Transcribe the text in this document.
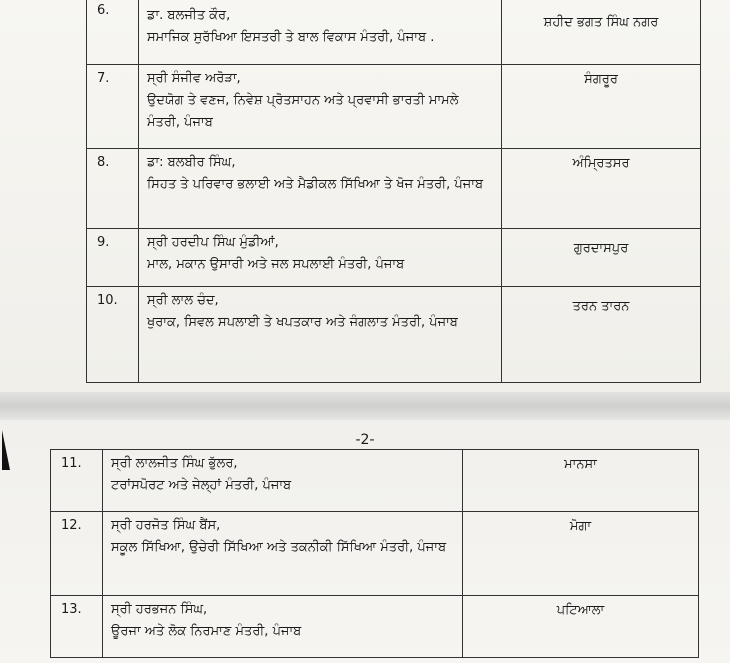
6.	ਡਾ. ਬਲਜੀਤ ਕੌਰ,
ਸਮਾਜਿਕ ਸੁਰੱਖਿਆ ਇਸਤਰੀ ਤੇ ਬਾਲ ਵਿਕਾਸ ਮੰਤਰੀ, ਪੰਜਾਬ .	ਸ਼ਹੀਦ ਭਗਤ ਸਿੰਘ ਨਗਰ
7.	ਸ੍ਰੀ ਸੰਜੀਵ ਅਰੋੜਾ,
ਉਦਯੋਗ ਤੇ ਵਣਜ, ਨਿਵੇਸ਼ ਪ੍ਰੋਤਸਾਹਨ ਅਤੇ ਪ੍ਰਵਾਸੀ ਭਾਰਤੀ ਮਾਮਲੇ ਮੰਤਰੀ, ਪੰਜਾਬ	ਸੰਗਰੂਰ
8.	ਡਾ: ਬਲਬੀਰ ਸਿੰਘ,
ਸਿਹਤ ਤੇ ਪਰਿਵਾਰ ਭਲਾਈ ਅਤੇ ਮੈਡੀਕਲ ਸਿੱਖਿਆ ਤੇ ਖੋਜ ਮੰਤਰੀ, ਪੰਜਾਬ	ਅੰਮ੍ਰਿਤਸਰ
9.	ਸ੍ਰੀ ਹਰਦੀਪ ਸਿੰਘ ਮੁੰਡੀਆਂ,
ਮਾਲ, ਮਕਾਨ ਉਸਾਰੀ ਅਤੇ ਜਲ ਸਪਲਾਈ ਮੰਤਰੀ, ਪੰਜਾਬ	ਗੁਰਦਾਸਪੁਰ
10.	ਸ੍ਰੀ ਲਾਲ ਚੰਦ,
ਖੁਰਾਕ, ਸਿਵਲ ਸਪਲਾਈ ਤੇ ਖਪਤਕਾਰ ਅਤੇ ਜੰਗਲਾਤ ਮੰਤਰੀ, ਪੰਜਾਬ	ਤਰਨ ਤਾਰਨ
-2-
11.	ਸ੍ਰੀ ਲਾਲਜੀਤ ਸਿੰਘ ਭੁੱਲਰ,
ਟਰਾਂਸਪੋਰਟ ਅਤੇ ਜੇਲ੍ਹਾਂ ਮੰਤਰੀ, ਪੰਜਾਬ	ਮਾਨਸਾ
12.	ਸ੍ਰੀ ਹਰਜੋਤ ਸਿੰਘ ਬੈਂਸ,
ਸਕੂਲ ਸਿੱਖਿਆ, ਉਚੇਰੀ ਸਿੱਖਿਆ ਅਤੇ ਤਕਨੀਕੀ ਸਿੱਖਿਆ ਮੰਤਰੀ, ਪੰਜਾਬ	ਮੋਗਾ
13.	ਸ੍ਰੀ ਹਰਭਜਨ ਸਿੰਘ,
ਊਰਜਾ ਅਤੇ ਲੋਕ ਨਿਰਮਾਣ ਮੰਤਰੀ, ਪੰਜਾਬ	ਪਟਿਆਲਾ
